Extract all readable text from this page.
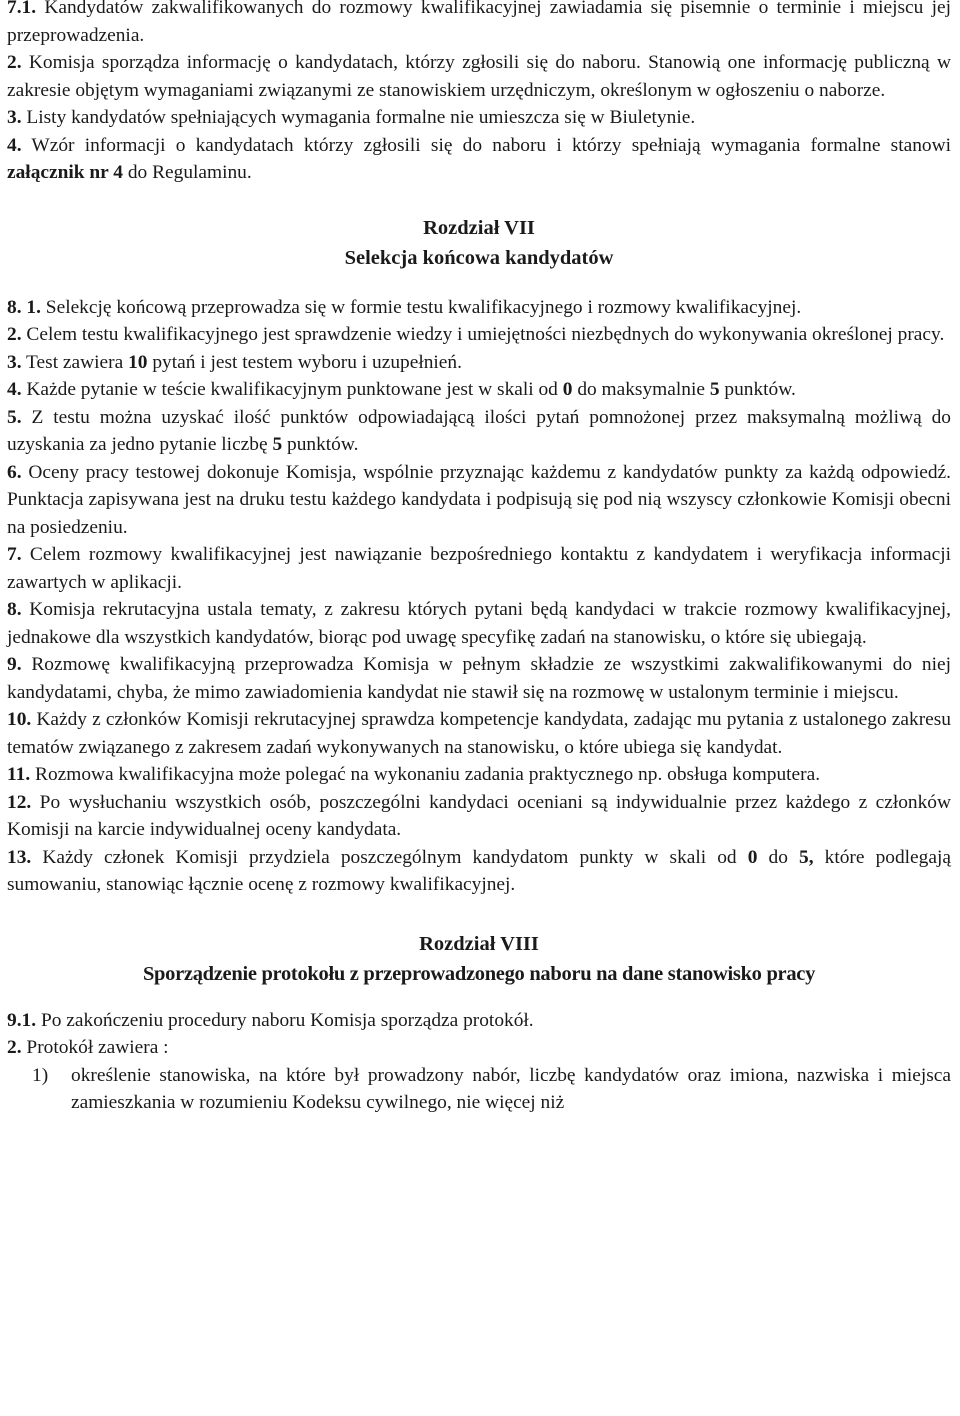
7.1. Kandydatów zakwalifikowanych do rozmowy kwalifikacyjnej zawiadamia się pisemnie o terminie i miejscu jej przeprowadzenia.

2. Komisja sporządza informację o kandydatach, którzy zgłosili się do naboru. Stanowią one informację publiczną w zakresie objętym wymaganiami związanymi ze stanowiskiem urzędniczym, określonym w ogłoszeniu o naborze.

3. Listy kandydatów spełniających wymagania formalne nie umieszcza się w Biuletynie.

4. Wzór informacji o kandydatach którzy zgłosili się do naboru i którzy spełniają wymagania formalne stanowi załącznik nr 4 do Regulaminu.

Rozdział VII
Selekcja końcowa kandydatów

8. 1. Selekcję końcową przeprowadza się w formie testu kwalifikacyjnego i rozmowy kwalifikacyjnej.

2. Celem testu kwalifikacyjnego jest sprawdzenie wiedzy i umiejętności niezbędnych do wykonywania określonej pracy.

3. Test zawiera 10 pytań i jest testem wyboru i uzupełnień.

4. Każde pytanie w teście kwalifikacyjnym punktowane jest w skali od 0 do maksymalnie 5 punktów.

5. Z testu można uzyskać ilość punktów odpowiadającą ilości pytań pomnożonej przez maksymalną możliwą do uzyskania za jedno pytanie liczbę 5 punktów.

6. Oceny pracy testowej dokonuje Komisja, wspólnie przyznając każdemu z kandydatów punkty za każdą odpowiedź. Punktacja zapisywana jest na druku testu każdego kandydata i podpisują się pod nią wszyscy członkowie Komisji obecni na posiedzeniu.

7. Celem rozmowy kwalifikacyjnej jest nawiązanie bezpośredniego kontaktu z kandydatem i weryfikacja informacji zawartych w aplikacji.

8. Komisja rekrutacyjna ustala tematy, z zakresu których pytani będą kandydaci w trakcie rozmowy kwalifikacyjnej, jednakowe dla wszystkich kandydatów, biorąc pod uwagę specyfikę zadań na stanowisku, o które się ubiegają.

9. Rozmowę kwalifikacyjną przeprowadza Komisja w pełnym składzie ze wszystkimi zakwalifikowanymi do niej kandydatami, chyba, że mimo zawiadomienia kandydat nie stawił się na rozmowę w ustalonym terminie i miejscu.

10. Każdy z członków Komisji rekrutacyjnej sprawdza kompetencje kandydata, zadając mu pytania z ustalonego zakresu tematów związanego z zakresem zadań wykonywanych na stanowisku, o które ubiega się kandydat.

11. Rozmowa kwalifikacyjna może polegać na wykonaniu zadania praktycznego np. obsługa komputera.

12. Po wysłuchaniu wszystkich osób, poszczególni kandydaci oceniani są indywidualnie przez każdego z członków Komisji na karcie indywidualnej oceny kandydata.

13. Każdy członek Komisji przydziela poszczególnym kandydatom punkty w skali od 0 do 5, które podlegają sumowaniu, stanowiąc łącznie ocenę z rozmowy kwalifikacyjnej.

Rozdział VIII
Sporządzenie protokołu z przeprowadzonego naboru na dane stanowisko pracy

9.1. Po zakończeniu procedury naboru Komisja sporządza protokół.

2. Protokół zawiera :

1)	określenie stanowiska, na które był prowadzony nabór, liczbę kandydatów oraz imiona, nazwiska i miejsca zamieszkania w rozumieniu Kodeksu cywilnego, nie więcej niż
